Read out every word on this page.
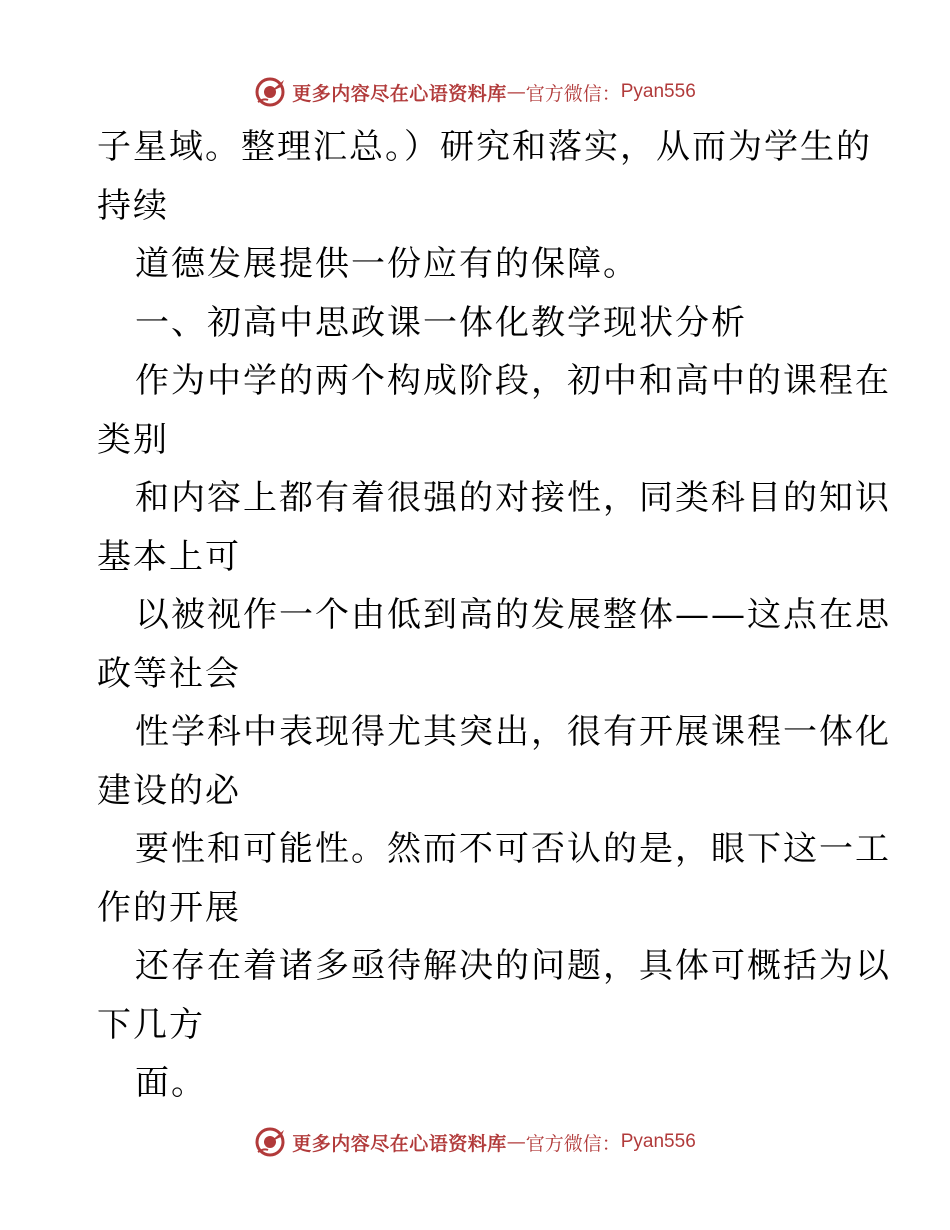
更多内容尽在心语资料库 — 官方微信： Pyan556
子星域。整理汇总。）研究和落实，从而为学生的
持续
道德发展提供一份应有的保障。
一、初高中思政课一体化教学现状分析
作为中学的两个构成阶段，初中和高中的课程在
类别
和内容上都有着很强的对接性，同类科目的知识
基本上可
以被视作一个由低到高的发展整体——这点在思
政等社会
性学科中表现得尤其突出，很有开展课程一体化
建设的必
要性和可能性。然而不可否认的是，眼下这一工
作的开展
还存在着诸多亟待解决的问题，具体可概括为以
下几方
面。
更多内容尽在心语资料库 — 官方微信： Pyan556
